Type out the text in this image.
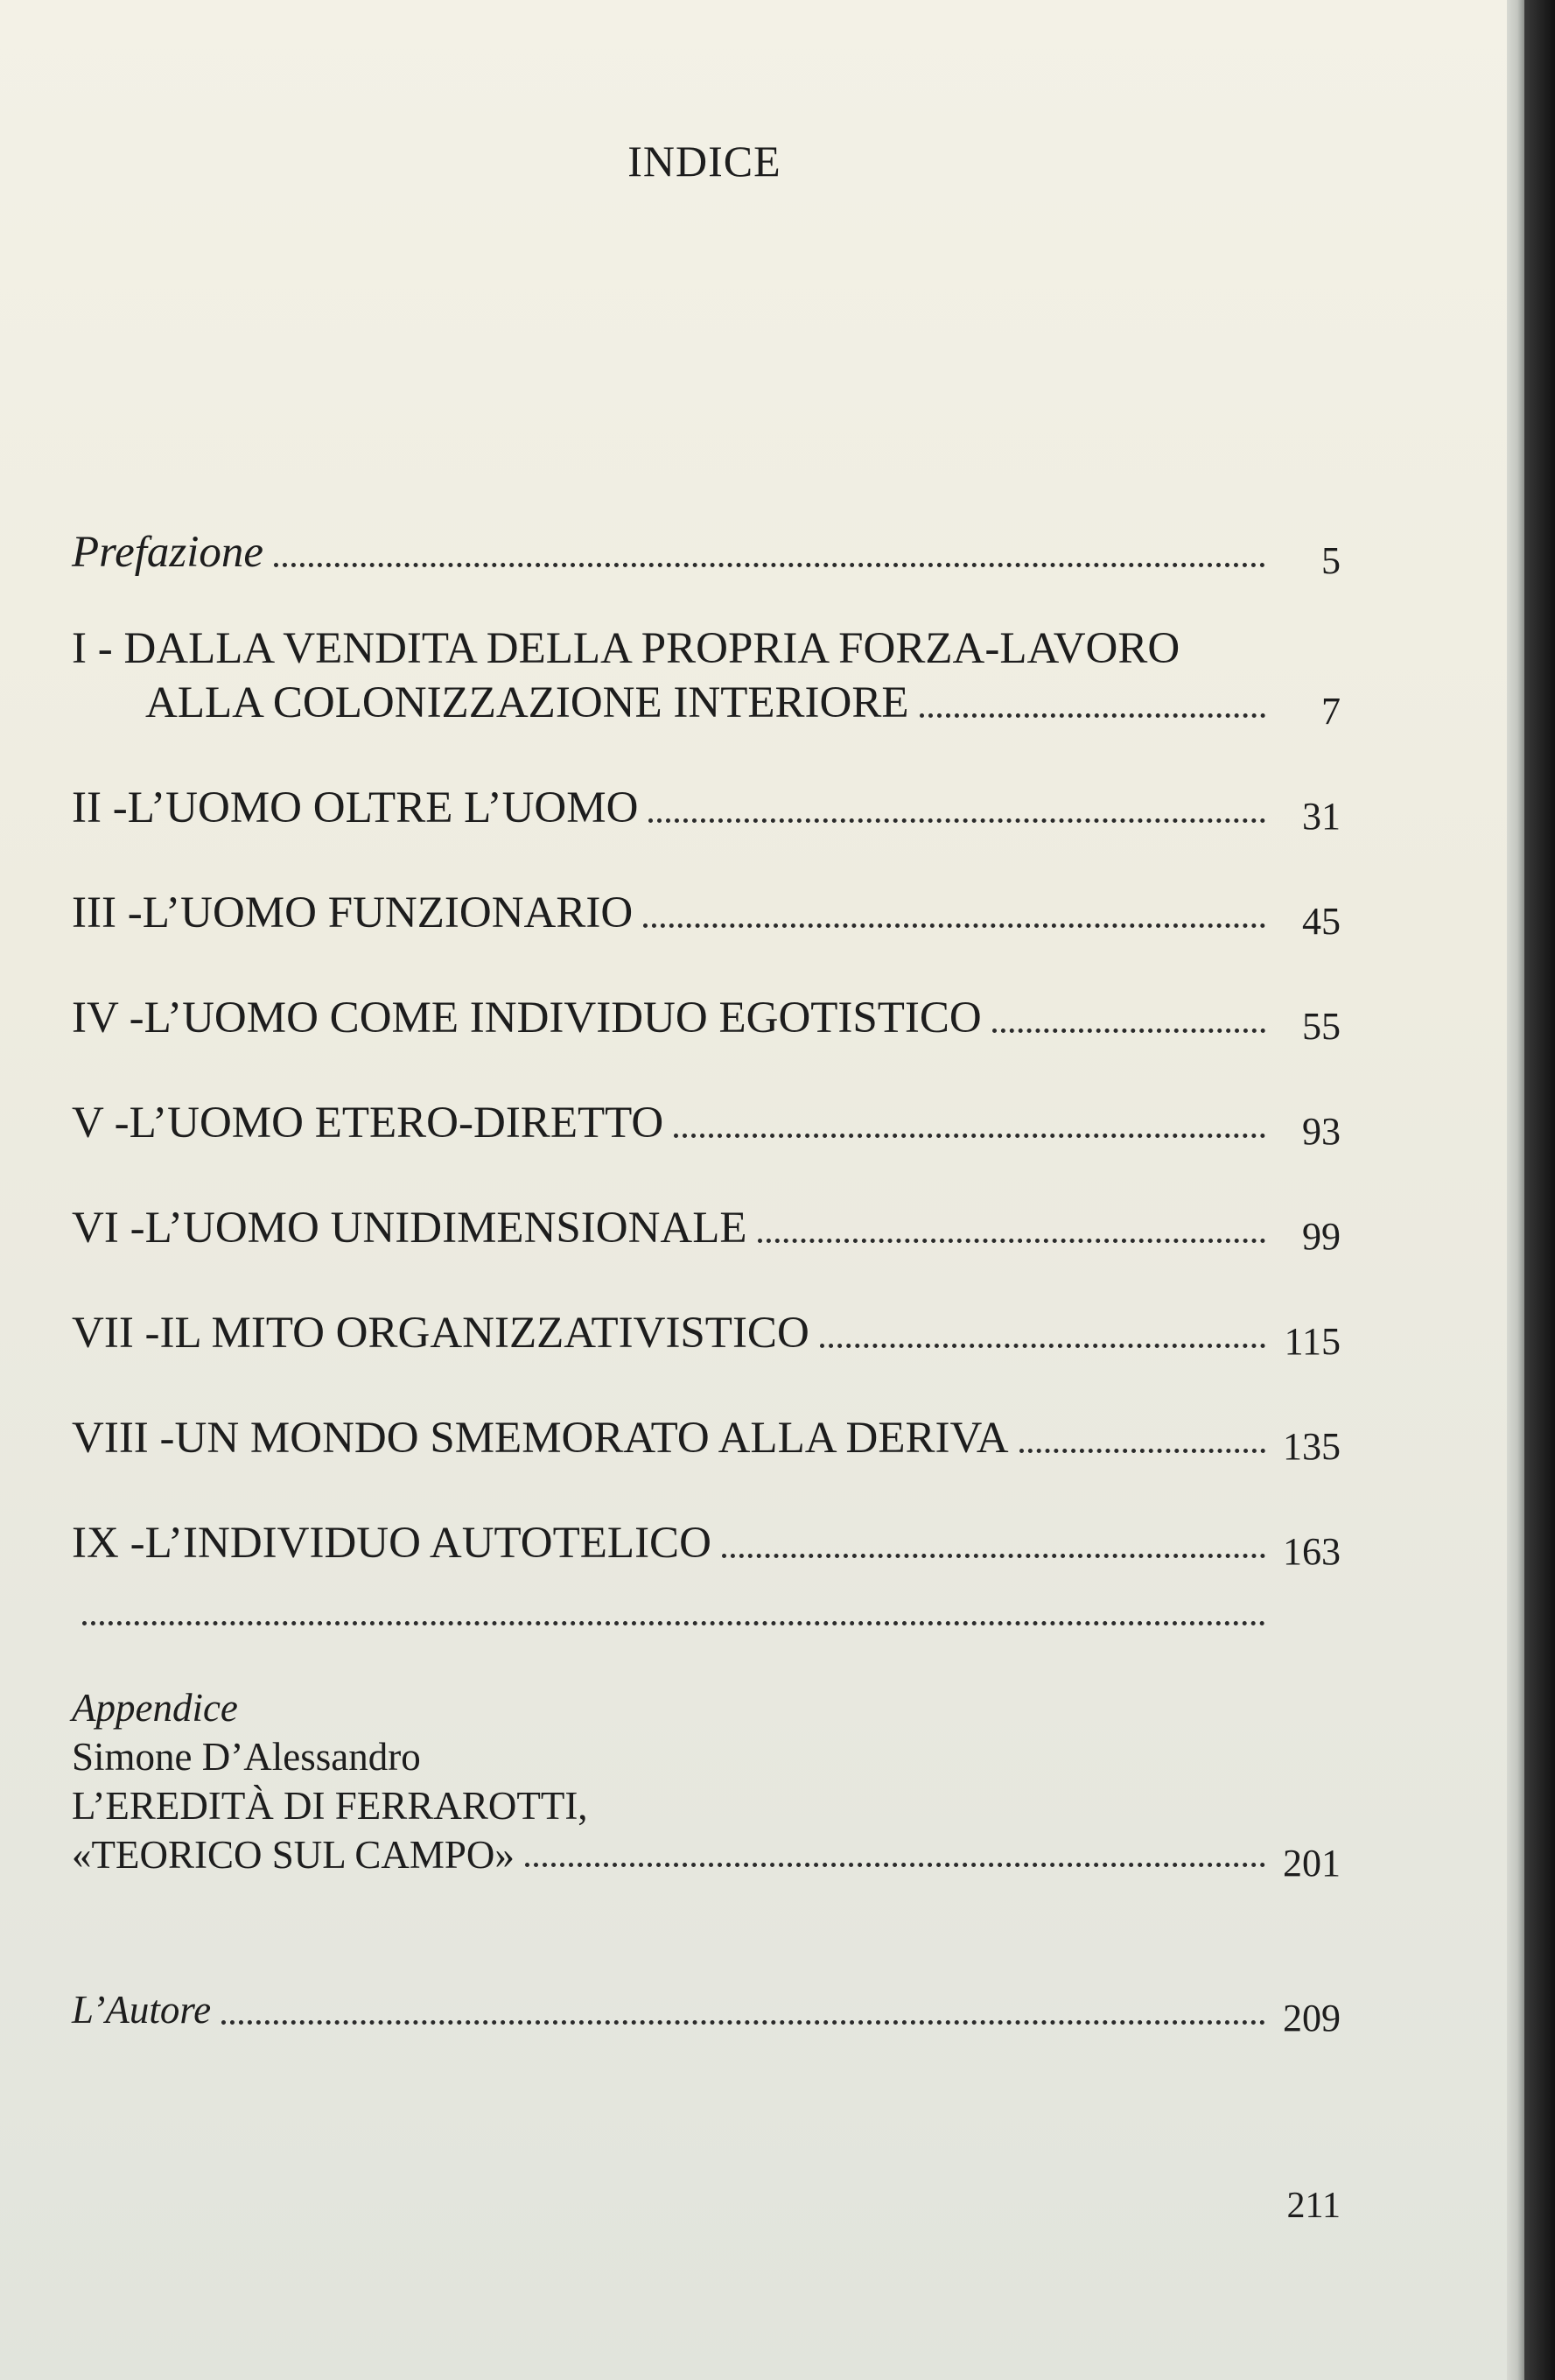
INDICE
Prefazione	5
I - DALLA VENDITA DELLA PROPRIA FORZA-LAVORO
ALLA COLONIZZAZIONE INTERIORE	7
II - L’UOMO OLTRE L’UOMO	31
III - L’UOMO FUNZIONARIO	45
IV - L’UOMO COME INDIVIDUO EGOTISTICO	55
V - L’UOMO ETERO-DIRETTO	93
VI - L’UOMO UNIDIMENSIONALE	99
VII - IL MITO ORGANIZZATIVISTICO	115
VIII - UN MONDO SMEMORATO ALLA DERIVA	135
IX - L’INDIVIDUO AUTOTELICO	163
Appendice
Simone D’Alessandro
L’EREDITÀ DI FERRAROTTI,
«TEORICO SUL CAMPO»	201
L’Autore	209
211
